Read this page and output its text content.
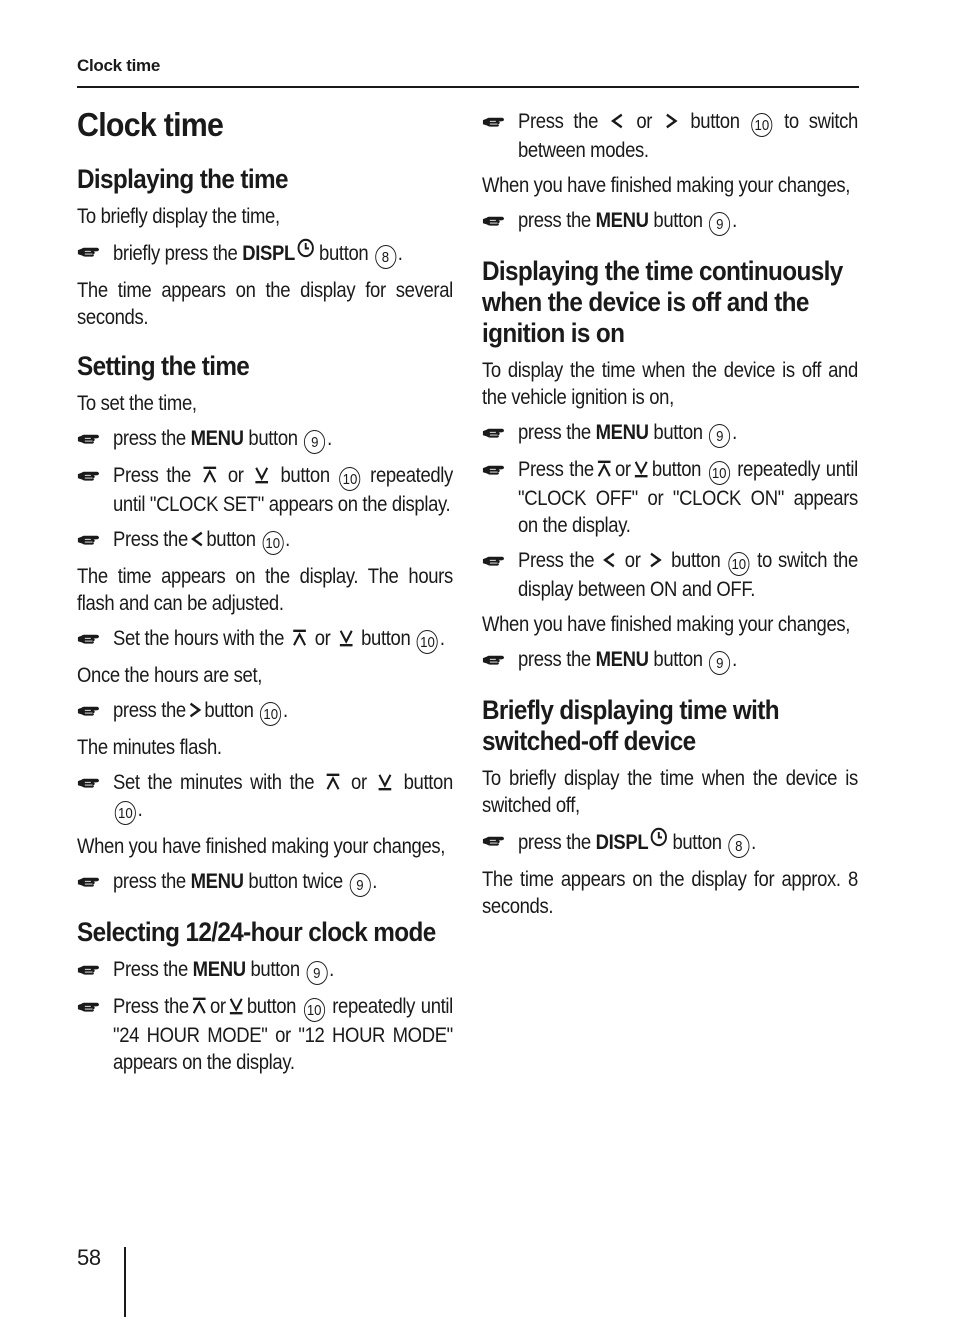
Clock time
Clock time
Displaying the time

To briefly display the time,

briefly press the DISPL button 8 .

The time appears on the display for several seconds.

Setting the time

To set the time,

press the MENU button 9 .
Press the or button 10 repeatedly until "CLOCK SET" appears on the display.
Press the button 10 .

The time appears on the display. The hours flash and can be adjusted.

Set the hours with the or button 10 .

Once the hours are set,

press the button 10 .

The minutes flash.

Set the minutes with the or button 10 .

When you have finished making your changes,

press the MENU button twice 9 .
Selecting 12/24-hour clock mode
Press the MENU button 9 .
Press the or button 10 repeatedly until "24 HOUR MODE" or "12 HOUR MODE" appears on the display.
Press the or button 10 to switch between modes.

When you have finished making your changes,

press the MENU button 9 .
Displaying the time continuously when the device is off and the ignition is on

To display the time when the device is off and the vehicle ignition is on,

press the MENU button 9 .
Press the or button 10 repeatedly until "CLOCK OFF" or "CLOCK ON" appears on the display.
Press the or button 10 to switch the display between ON and OFF.

When you have finished making your changes,

press the MENU button 9 .
Briefly displaying time with switched-off device

To briefly display the time when the device is switched off,

press the DISPL button 8 .

The time appears on the display for approx. 8 seconds.

58
